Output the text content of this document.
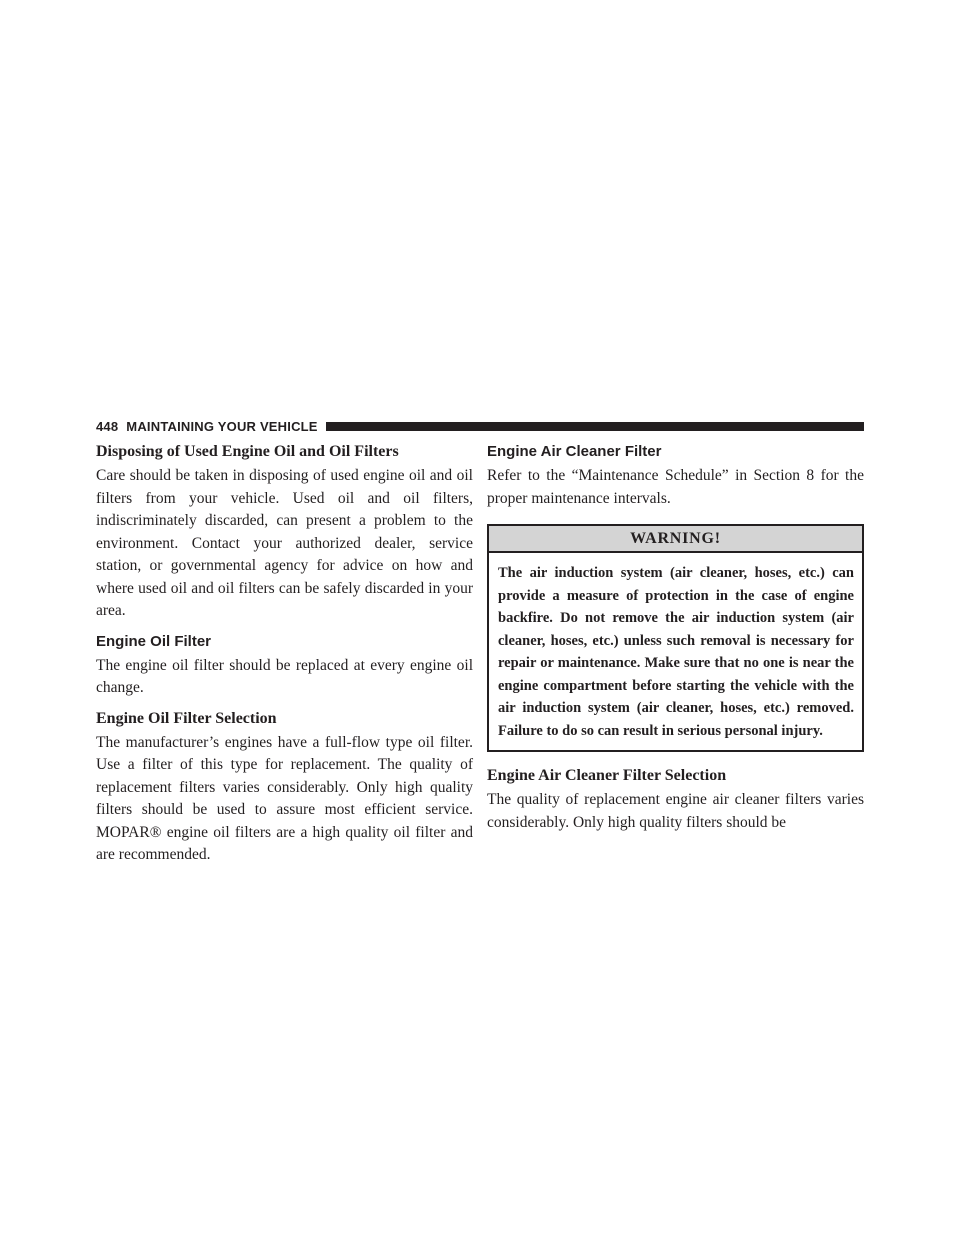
448 MAINTAINING YOUR VEHICLE
Disposing of Used Engine Oil and Oil Filters

Care should be taken in disposing of used engine oil and oil filters from your vehicle. Used oil and oil filters, indiscriminately discarded, can present a problem to the environment. Contact your authorized dealer, service station, or governmental agency for advice on how and where used oil and oil filters can be safely discarded in your area.

Engine Oil Filter

The engine oil filter should be replaced at every engine oil change.

Engine Oil Filter Selection

The manufacturer’s engines have a full-flow type oil filter. Use a filter of this type for replacement. The quality of replacement filters varies considerably. Only high quality filters should be used to assure most efficient service. MOPAR® engine oil filters are a high quality oil filter and are recommended.

Engine Air Cleaner Filter

Refer to the “Maintenance Schedule” in Section 8 for the proper maintenance intervals.

WARNING!
The air induction system (air cleaner, hoses, etc.) can provide a measure of protection in the case of engine backfire. Do not remove the air induction system (air cleaner, hoses, etc.) unless such removal is necessary for repair or maintenance. Make sure that no one is near the engine compartment before starting the vehicle with the air induction system (air cleaner, hoses, etc.) removed. Failure to do so can result in serious personal injury.
Engine Air Cleaner Filter Selection

The quality of replacement engine air cleaner filters varies considerably. Only high quality filters should be
